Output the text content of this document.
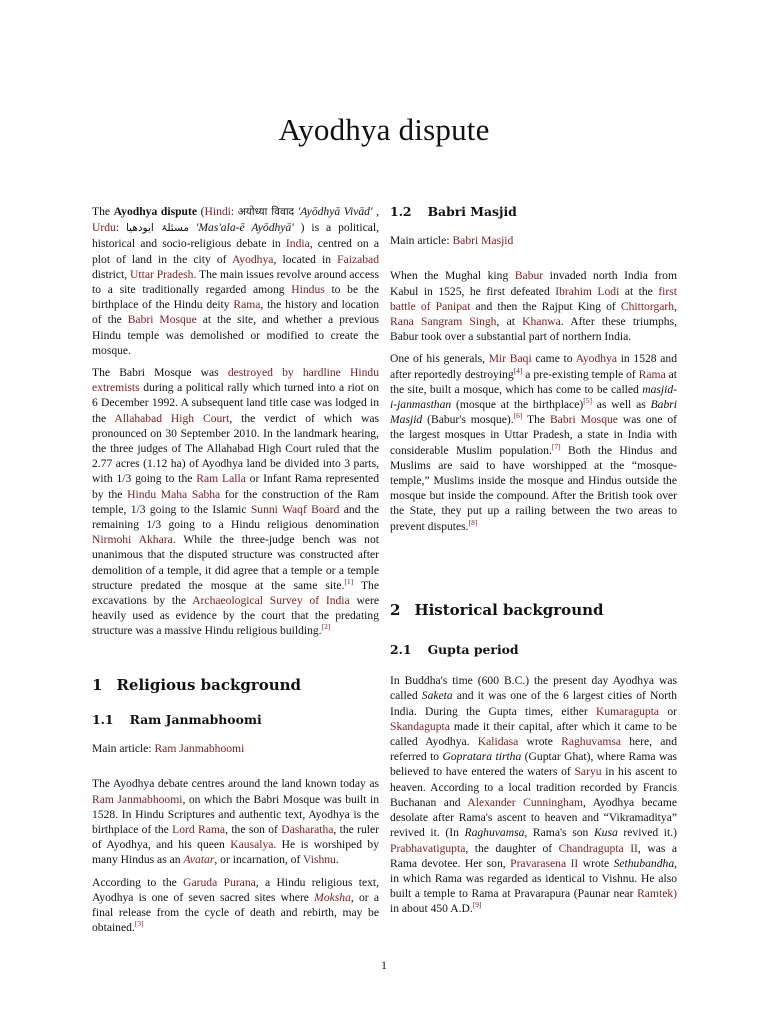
Ayodhya dispute

The Ayodhya dispute (Hindi: अयोध्या विवाद 'Ayōdhyā Vivād' , Urdu: مسئلۂ ایودھیا 'Mas'ala-ē Ayōdhyā' ) is a political, historical and socio-religious debate in India, centred on a plot of land in the city of Ayodhya, located in Faizabad district, Uttar Pradesh. The main issues revolve around access to a site traditionally regarded among Hindus to be the birthplace of the Hindu deity Rama, the history and location of the Babri Mosque at the site, and whether a previous Hindu temple was demolished or modified to create the mosque.

The Babri Mosque was destroyed by hardline Hindu extremists during a political rally which turned into a riot on 6 December 1992. A subsequent land title case was lodged in the Allahabad High Court, the verdict of which was pronounced on 30 September 2010. In the landmark hearing, the three judges of The Allahabad High Court ruled that the 2.77 acres (1.12 ha) of Ayodhya land be divided into 3 parts, with 1/3 going to the Ram Lalla or Infant Rama represented by the Hindu Maha Sabha for the construction of the Ram temple, 1/3 going to the Islamic Sunni Waqf Board and the remaining 1/3 going to a Hindu religious denomination Nirmohi Akhara. While the three-judge bench was not unanimous that the disputed structure was constructed after demolition of a temple, it did agree that a temple or a temple structure predated the mosque at the same site.[1] The excavations by the Archaeological Survey of India were heavily used as evidence by the court that the predating structure was a massive Hindu religious building.[2]

1 Religious background
1.1 Ram Janmabhoomi

Main article: Ram Janmabhoomi

The Ayodhya debate centres around the land known today as Ram Janmabhoomi, on which the Babri Mosque was built in 1528. In Hindu Scriptures and authentic text, Ayodhya is the birthplace of the Lord Rama, the son of Dasharatha, the ruler of Ayodhya, and his queen Kausalya. He is worshiped by many Hindus as an Avatar, or incarnation, of Vishnu.

According to the Garuda Purana, a Hindu religious text, Ayodhya is one of seven sacred sites where Moksha, or a final release from the cycle of death and rebirth, may be obtained.[3]

1.2 Babri Masjid

Main article: Babri Masjid

When the Mughal king Babur invaded north India from Kabul in 1525, he first defeated Ibrahim Lodi at the first battle of Panipat and then the Rajput King of Chittorgarh, Rana Sangram Singh, at Khanwa. After these triumphs, Babur took over a substantial part of northern India.

One of his generals, Mir Baqi came to Ayodhya in 1528 and after reportedly destroying[4] a pre-existing temple of Rama at the site, built a mosque, which has come to be called masjid-i-janmasthan (mosque at the birthplace)[5] as well as Babri Masjid (Babur's mosque).[6] The Babri Mosque was one of the largest mosques in Uttar Pradesh, a state in India with considerable Muslim population.[7] Both the Hindus and Muslims are said to have worshipped at the “mosque-temple,” Muslims inside the mosque and Hindus outside the mosque but inside the compound. After the British took over the State, they put up a railing between the two areas to prevent disputes.[8]

2 Historical background
2.1 Gupta period

In Buddha's time (600 B.C.) the present day Ayodhya was called Saketa and it was one of the 6 largest cities of North India. During the Gupta times, either Kumaragupta or Skandagupta made it their capital, after which it came to be called Ayodhya. Kalidasa wrote Raghuvamsa here, and referred to Gopratara tirtha (Guptar Ghat), where Rama was believed to have entered the waters of Saryu in his ascent to heaven. According to a local tradition recorded by Francis Buchanan and Alexander Cunningham, Ayodhya became desolate after Rama's ascent to heaven and “Vikramaditya” revived it. (In Raghuvamsa, Rama's son Kusa revived it.) Prabhavatigupta, the daughter of Chandragupta II, was a Rama devotee. Her son, Pravarasena II wrote Sethubandha, in which Rama was regarded as identical to Vishnu. He also built a temple to Rama at Pravarapura (Paunar near Ramtek) in about 450 A.D.[9]

1
